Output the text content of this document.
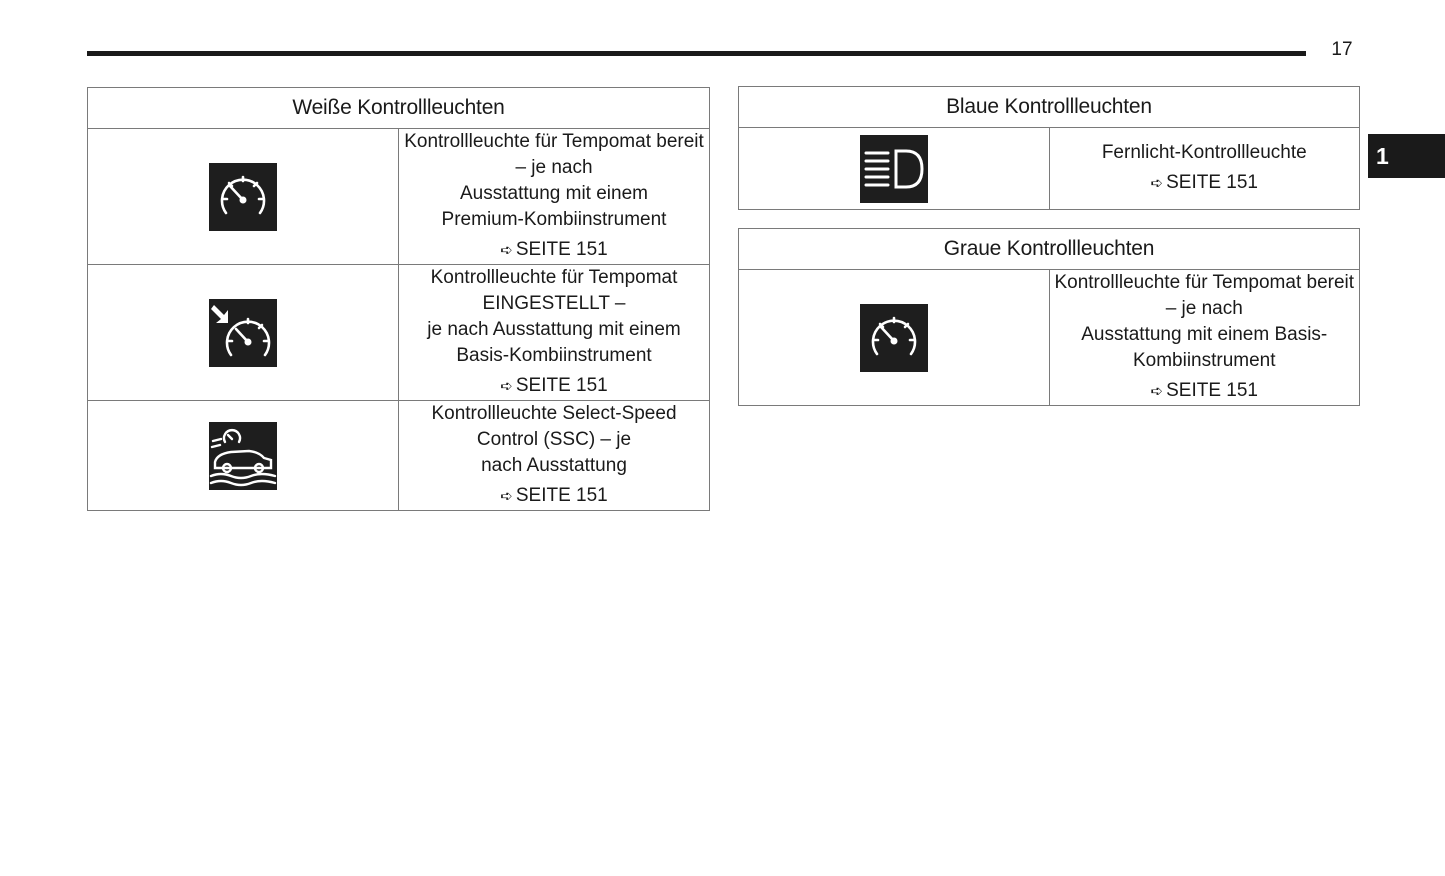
17
1
Weiße Kontrollleuchten	

Kontrollleuchte für Tempomat bereit – je nach
Ausstattung mit einem
Premium-Kombiinstrument
➪ SEITE 151

Kontrollleuchte für Tempomat EINGESTELLT –
je nach Ausstattung mit einem
Basis-Kombiinstrument
➪ SEITE 151

Kontrollleuchte Select-Speed Control (SSC) – je
nach Ausstattung
➪ SEITE 151
Blaue Kontrollleuchten

Fernlicht-Kontrollleuchte
➪ SEITE 151
Graue Kontrollleuchten

Kontrollleuchte für Tempomat bereit – je nach
Ausstattung mit einem Basis-Kombiinstrument
➪ SEITE 151
